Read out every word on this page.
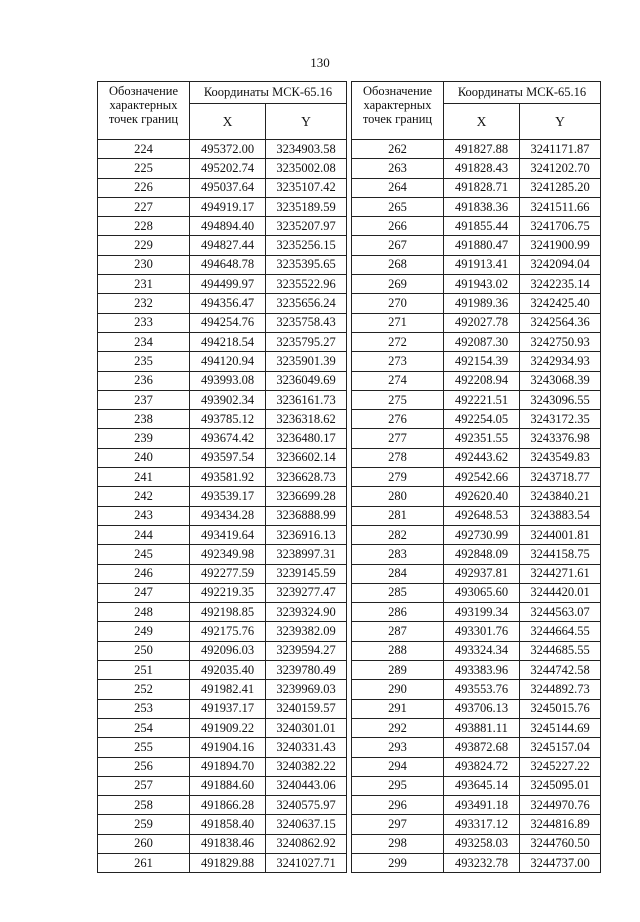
130
Обозначение характерных точек границ	Координаты МСК-65.16	
	X	Y
224	495372.00	3234903.58
225	495202.74	3235002.08
226	495037.64	3235107.42
227	494919.17	3235189.59
228	494894.40	3235207.97
229	494827.44	3235256.15
230	494648.78	3235395.65
231	494499.97	3235522.96
232	494356.47	3235656.24
233	494254.76	3235758.43
234	494218.54	3235795.27
235	494120.94	3235901.39
236	493993.08	3236049.69
237	493902.34	3236161.73
238	493785.12	3236318.62
239	493674.42	3236480.17
240	493597.54	3236602.14
241	493581.92	3236628.73
242	493539.17	3236699.28
243	493434.28	3236888.99
244	493419.64	3236916.13
245	492349.98	3238997.31
246	492277.59	3239145.59
247	492219.35	3239277.47
248	492198.85	3239324.90
249	492175.76	3239382.09
250	492096.03	3239594.27
251	492035.40	3239780.49
252	491982.41	3239969.03
253	491937.17	3240159.57
254	491909.22	3240301.01
255	491904.16	3240331.43
256	491894.70	3240382.22
257	491884.60	3240443.06
258	491866.28	3240575.97
259	491858.40	3240637.15
260	491838.46	3240862.92
261	491829.88	3241027.71
Обозначение характерных точек границ	Координаты МСК-65.16	
	X	Y
262	491827.88	3241171.87
263	491828.43	3241202.70
264	491828.71	3241285.20
265	491838.36	3241511.66
266	491855.44	3241706.75
267	491880.47	3241900.99
268	491913.41	3242094.04
269	491943.02	3242235.14
270	491989.36	3242425.40
271	492027.78	3242564.36
272	492087.30	3242750.93
273	492154.39	3242934.93
274	492208.94	3243068.39
275	492221.51	3243096.55
276	492254.05	3243172.35
277	492351.55	3243376.98
278	492443.62	3243549.83
279	492542.66	3243718.77
280	492620.40	3243840.21
281	492648.53	3243883.54
282	492730.99	3244001.81
283	492848.09	3244158.75
284	492937.81	3244271.61
285	493065.60	3244420.01
286	493199.34	3244563.07
287	493301.76	3244664.55
288	493324.34	3244685.55
289	493383.96	3244742.58
290	493553.76	3244892.73
291	493706.13	3245015.76
292	493881.11	3245144.69
293	493872.68	3245157.04
294	493824.72	3245227.22
295	493645.14	3245095.01
296	493491.18	3244970.76
297	493317.12	3244816.89
298	493258.03	3244760.50
299	493232.78	3244737.00
